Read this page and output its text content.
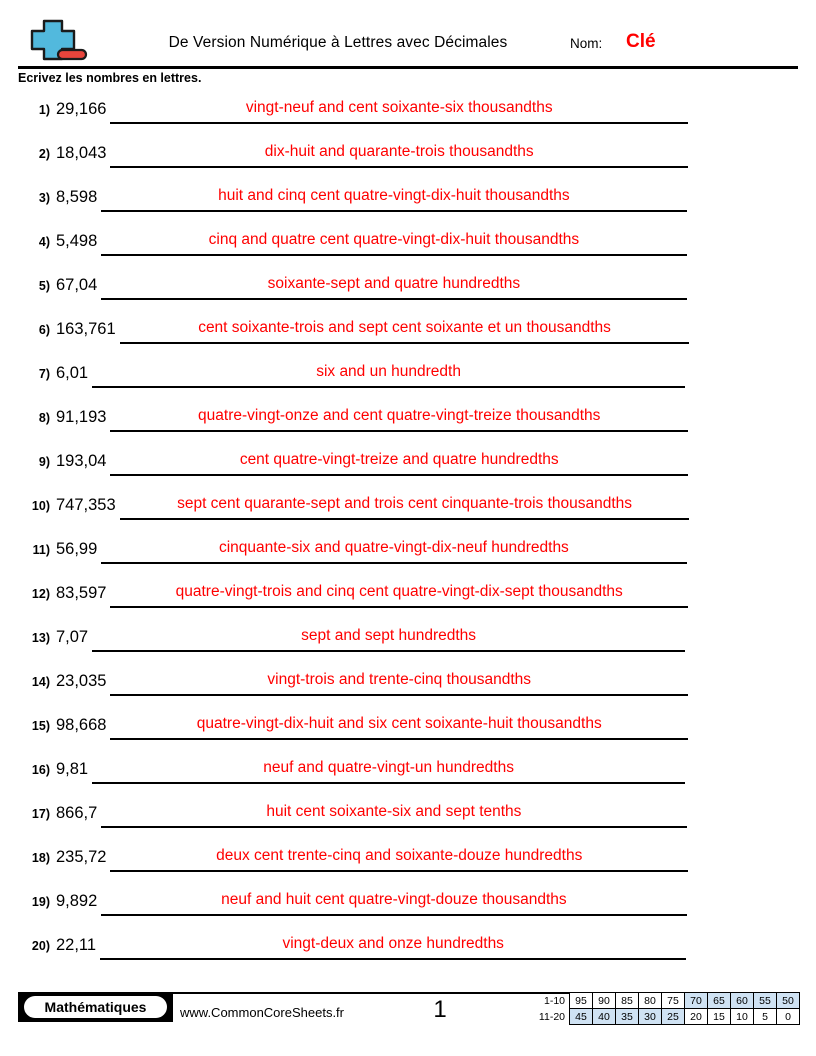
De Version Numérique à Lettres avec Décimales	Nom: Clé
Ecrivez les nombres en lettres.
1) 29,166	vingt-neuf and cent soixante-six thousandths
2) 18,043	dix-huit and quarante-trois thousandths
3) 8,598	huit and cinq cent quatre-vingt-dix-huit thousandths
4) 5,498	cinq and quatre cent quatre-vingt-dix-huit thousandths
5) 67,04	soixante-sept and quatre hundredths
6) 163,761	cent soixante-trois and sept cent soixante et un thousandths
7) 6,01	six and un hundredth
8) 91,193	quatre-vingt-onze and cent quatre-vingt-treize thousandths
9) 193,04	cent quatre-vingt-treize and quatre hundredths
10) 747,353	sept cent quarante-sept and trois cent cinquante-trois thousandths
11) 56,99	cinquante-six and quatre-vingt-dix-neuf hundredths
12) 83,597	quatre-vingt-trois and cinq cent quatre-vingt-dix-sept thousandths
13) 7,07	sept and sept hundredths
14) 23,035	vingt-trois and trente-cinq thousandths
15) 98,668	quatre-vingt-dix-huit and six cent soixante-huit thousandths
16) 9,81	neuf and quatre-vingt-un hundredths
17) 866,7	huit cent soixante-six and sept tenths
18) 235,72	deux cent trente-cinq and soixante-douze hundredths
19) 9,892	neuf and huit cent quatre-vingt-douze thousandths
20) 22,11	vingt-deux and onze hundredths
Mathématiques	www.CommonCoreSheets.fr	1	1-10	95	90	85	80	75	70	65	60	55	50
11-20	45	40	35	30	25	20	15	10	5	0
